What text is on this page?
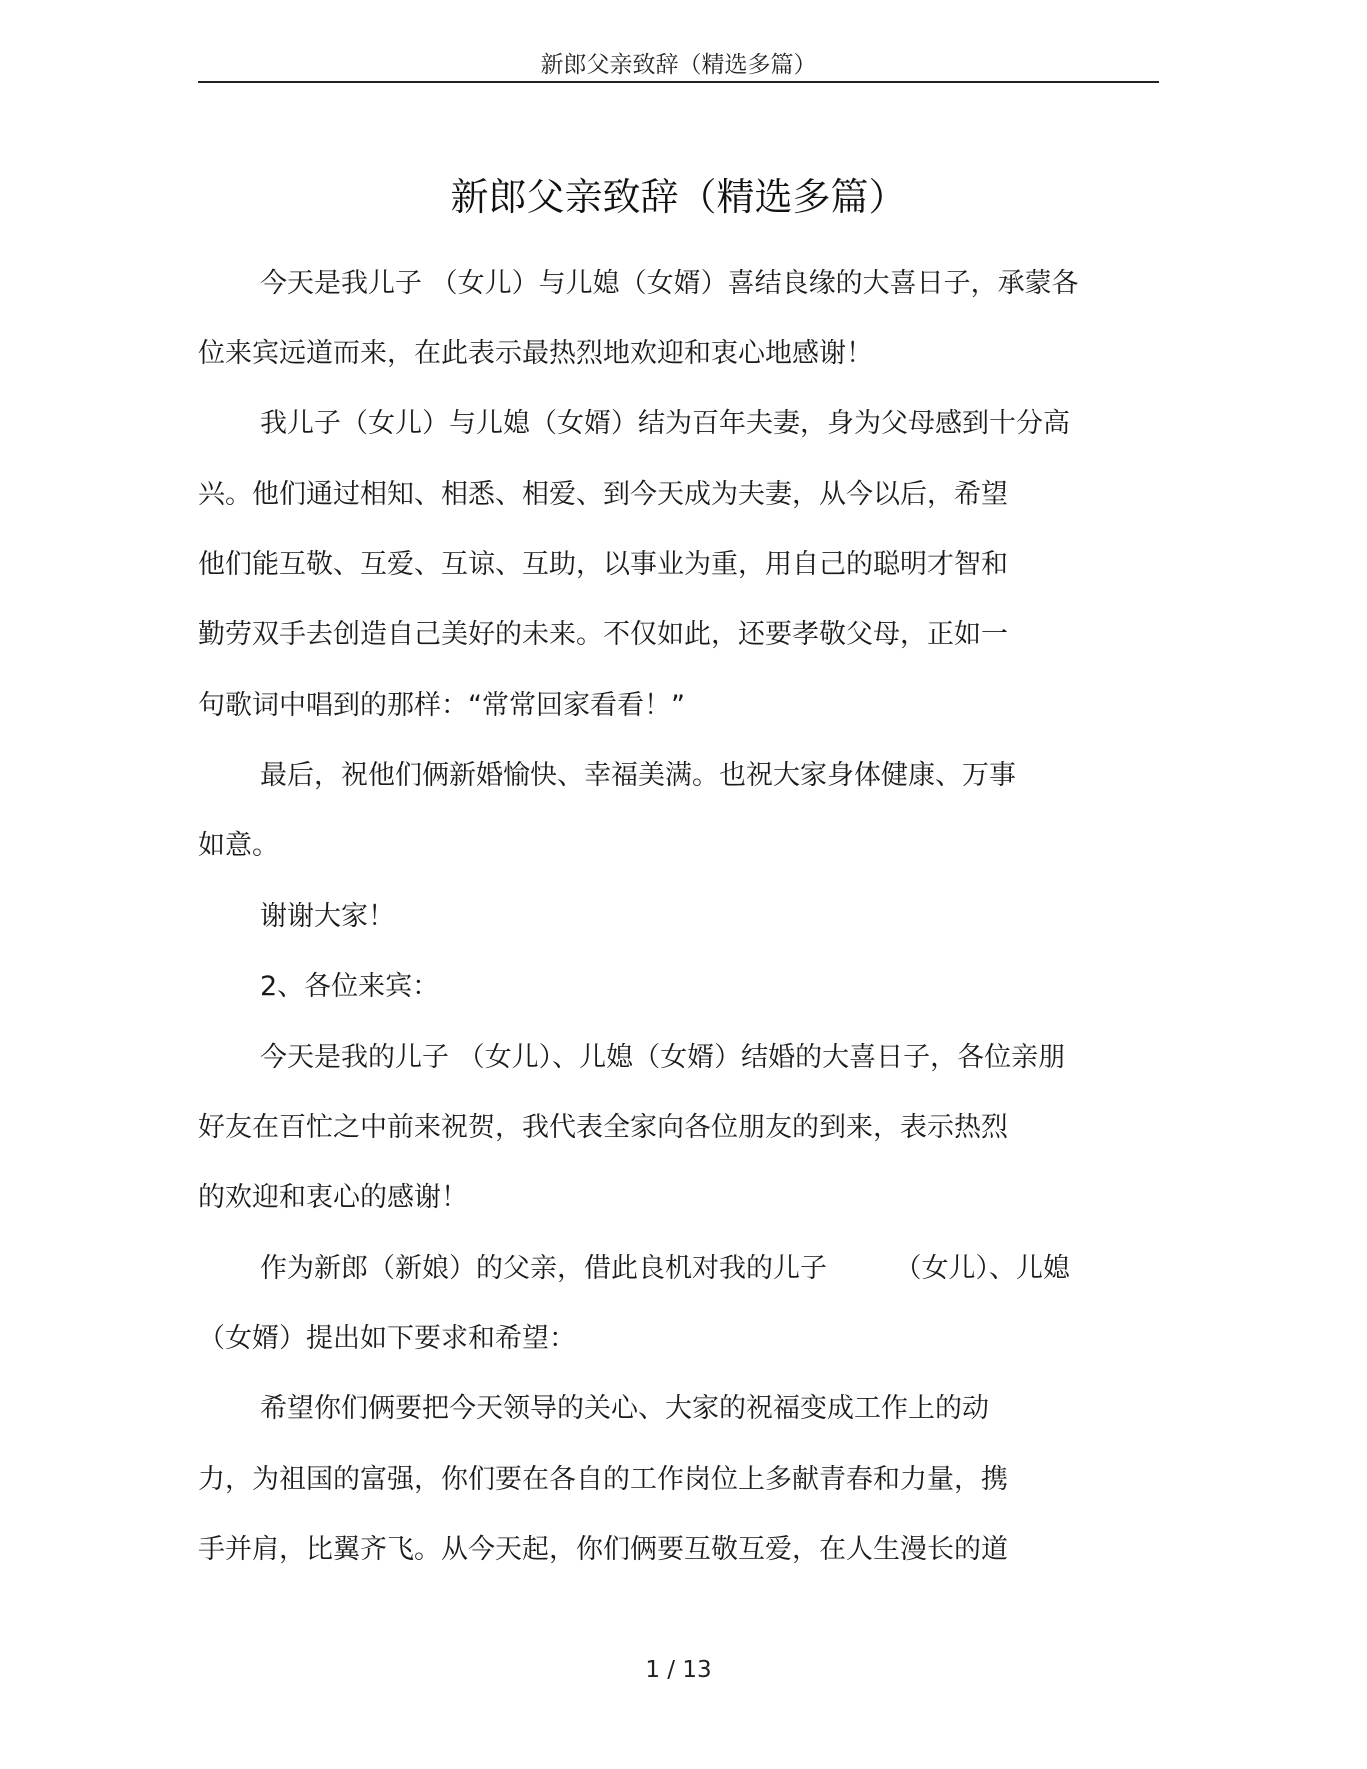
新郎父亲致辞（精选多篇）
新郎父亲致辞（精选多篇）
今天是我儿子 （女儿）与儿媳（女婿）喜结良缘的大喜日子，承蒙各
位来宾远道而来，在此表示最热烈地欢迎和衷心地感谢！
我儿子（女儿）与儿媳（女婿）结为百年夫妻，身为父母感到十分高
兴。他们通过相知、相悉、相爱、到今天成为夫妻，从今以后，希望
他们能互敬、互爱、互谅、互助，以事业为重，用自己的聪明才智和
勤劳双手去创造自己美好的未来。不仅如此，还要孝敬父母，正如一
句歌词中唱到的那样：“常常回家看看！”
最后，祝他们俩新婚愉快、幸福美满。也祝大家身体健康、万事
如意。
谢谢大家！
2、各位来宾：
今天是我的儿子 （女儿）、儿媳（女婿）结婚的大喜日子，各位亲朋
好友在百忙之中前来祝贺，我代表全家向各位朋友的到来，表示热烈
的欢迎和衷心的感谢！
作为新郎（新娘）的父亲，借此良机对我的儿子　　　（女儿）、儿媳
（女婿）提出如下要求和希望：
希望你们俩要把今天领导的关心、大家的祝福变成工作上的动
力，为祖国的富强，你们要在各自的工作岗位上多献青春和力量，携
手并肩，比翼齐飞。从今天起，你们俩要互敬互爱，在人生漫长的道
1 / 13
